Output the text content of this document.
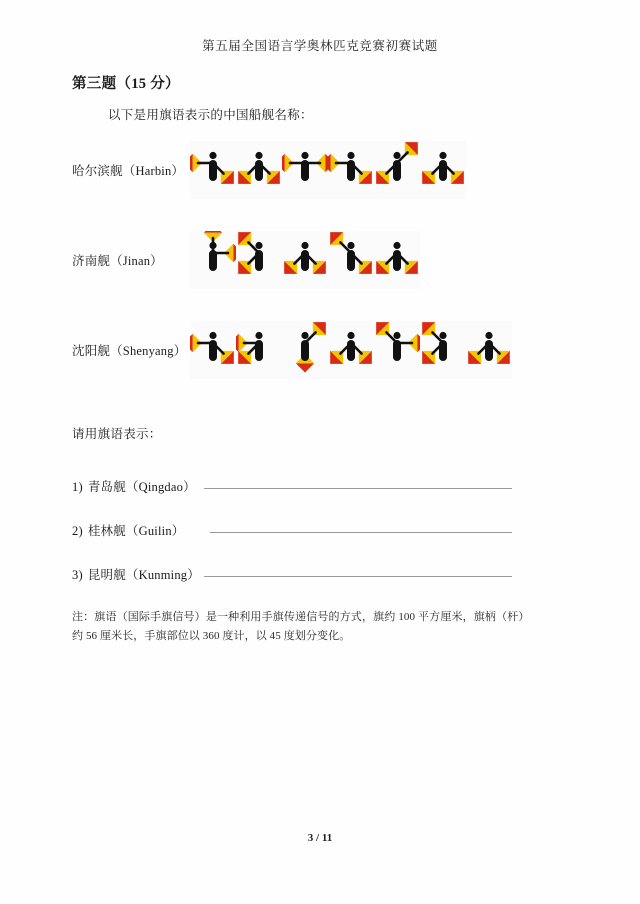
第五届全国语言学奥林匹克竞赛初赛试题
第三题（15 分）
以下是用旗语表示的中国船舰名称：
哈尔滨舰（Harbin）
济南舰（Jinan）
沈阳舰（Shenyang）
请用旗语表示：
1) 青岛舰（Qingdao）
2) 桂林舰（Guilin）
3) 昆明舰（Kunming）
注：旗语（国际手旗信号）是一种利用手旗传递信号的方式，旗约 100 平方厘米，旗柄（杆）约 56 厘米长，手旗部位以 360 度计，以 45 度划分变化。
3 / 11
